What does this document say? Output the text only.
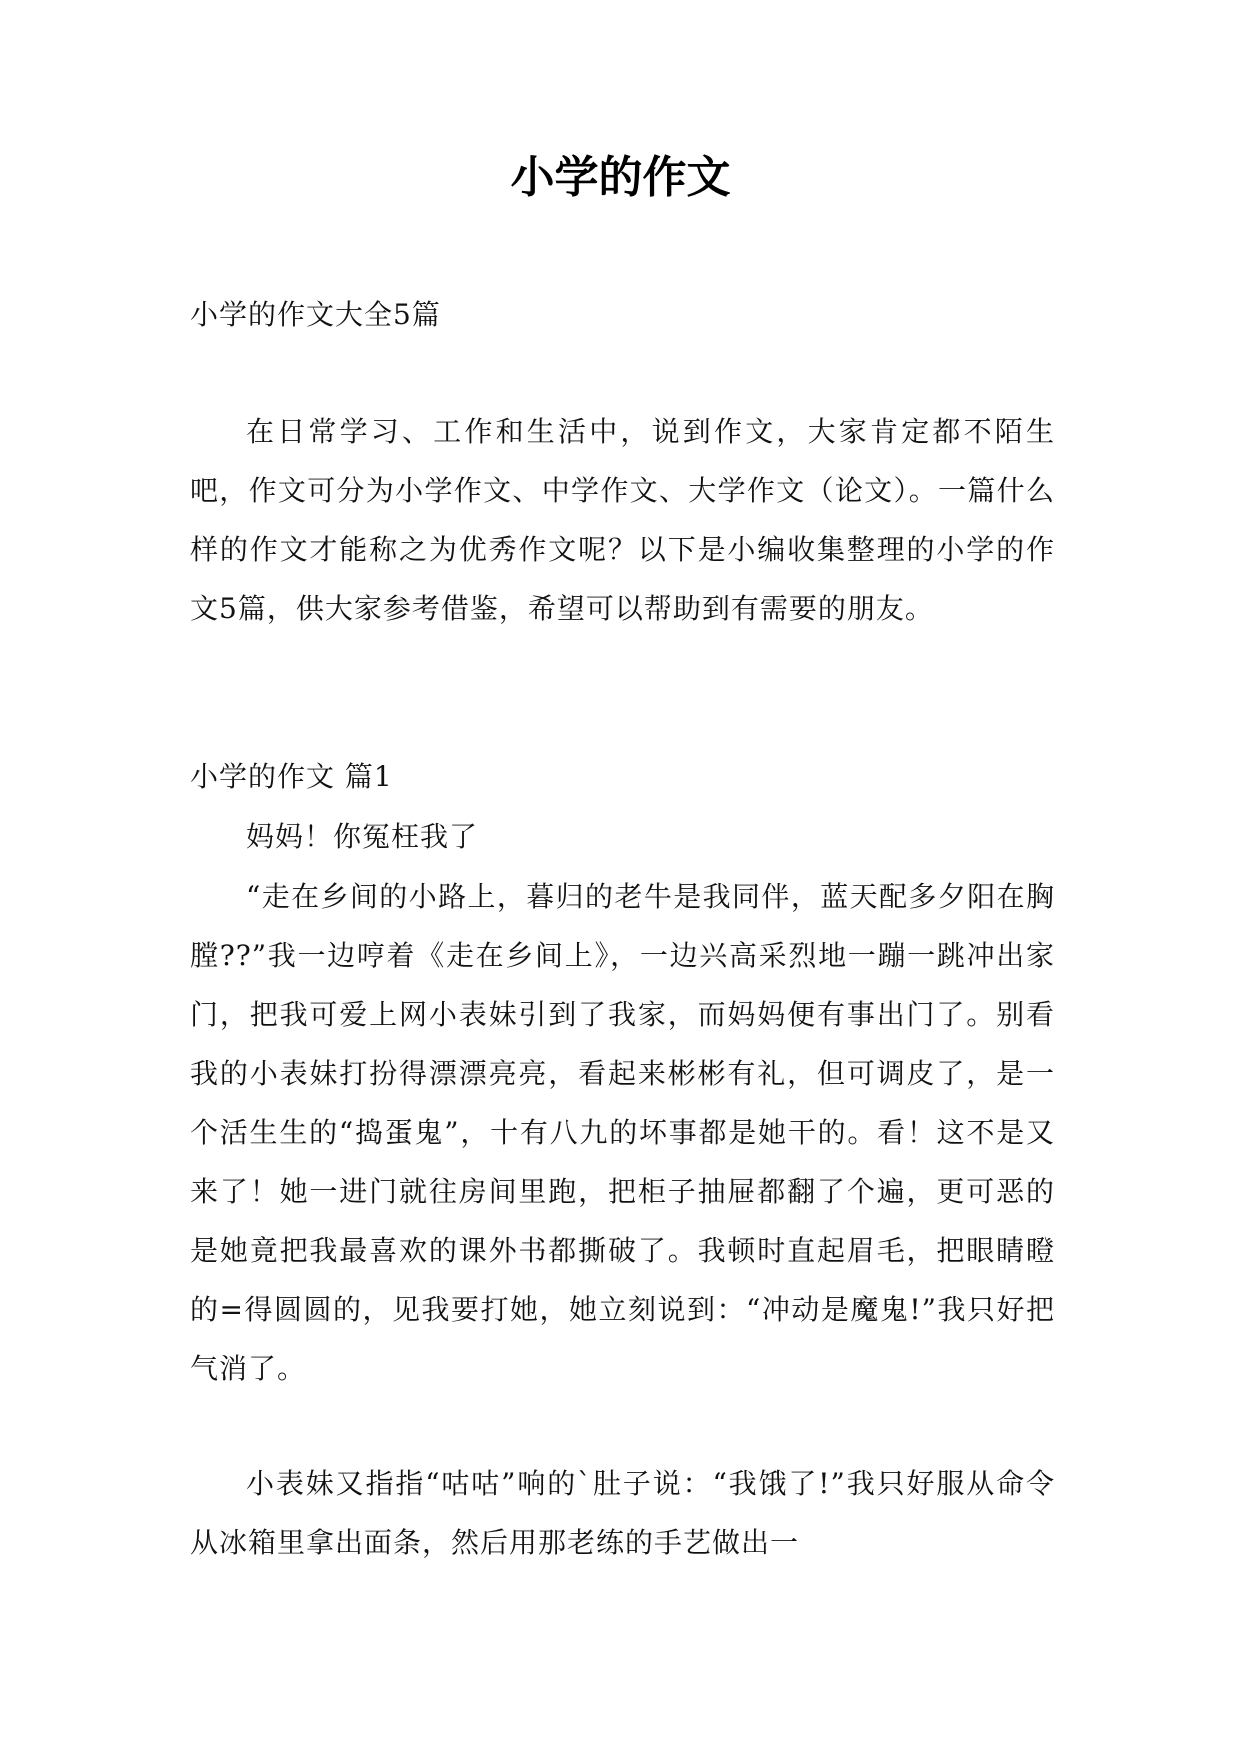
小学的作文

小学的作文大全5篇

在日常学习、工作和生活中，说到作文，大家肯定都不陌生吧，作文可分为小学作文、中学作文、大学作文（论文）。一篇什么样的作文才能称之为优秀作文呢？以下是小编收集整理的小学的作文5篇，供大家参考借鉴，希望可以帮助到有需要的朋友。

小学的作文 篇1

妈妈！你冤枉我了

“走在乡间的小路上，暮归的老牛是我同伴，蓝天配多夕阳在胸膛??”我一边哼着《走在乡间上》，一边兴高采烈地一蹦一跳冲出家门，把我可爱上网小表妹引到了我家，而妈妈便有事出门了。别看我的小表妹打扮得漂漂亮亮，看起来彬彬有礼，但可调皮了，是一个活生生的“捣蛋鬼”，十有八九的坏事都是她干的。看！这不是又来了！她一进门就往房间里跑，把柜子抽屉都翻了个遍，更可恶的是她竟把我最喜欢的课外书都撕破了。我顿时直起眉毛，把眼睛瞪的=得圆圆的，见我要打她，她立刻说到：“冲动是魔鬼!”我只好把气消了。

小表妹又指指“咕咕”响的`肚子说：“我饿了!”我只好服从命令从冰箱里拿出面条，然后用那老练的手艺做出一
